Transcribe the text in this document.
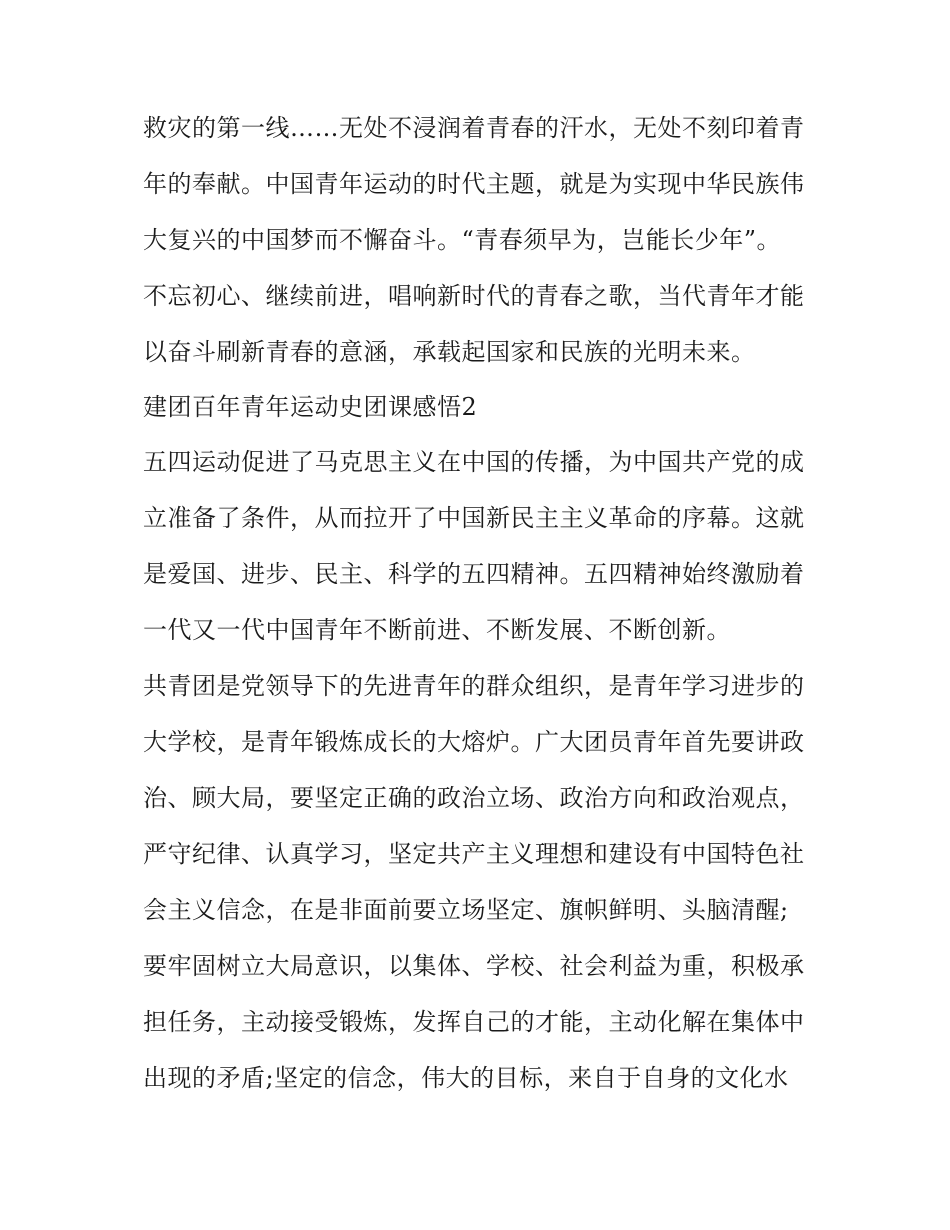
救灾的第一线……无处不浸润着青春的汗水，无处不刻印着青
年的奉献。中国青年运动的时代主题，就是为实现中华民族伟
大复兴的中国梦而不懈奋斗。“青春须早为，岂能长少年”。
不忘初心、继续前进，唱响新时代的青春之歌，当代青年才能
以奋斗刷新青春的意涵，承载起国家和民族的光明未来。
建团百年青年运动史团课感悟2
五四运动促进了马克思主义在中国的传播，为中国共产党的成
立准备了条件，从而拉开了中国新民主主义革命的序幕。这就
是爱国、进步、民主、科学的五四精神。五四精神始终激励着
一代又一代中国青年不断前进、不断发展、不断创新。
共青团是党领导下的先进青年的群众组织，是青年学习进步的
大学校，是青年锻炼成长的大熔炉。广大团员青年首先要讲政
治、顾大局，要坚定正确的政治立场、政治方向和政治观点，
严守纪律、认真学习，坚定共产主义理想和建设有中国特色社
会主义信念，在是非面前要立场坚定、旗帜鲜明、头脑清醒;
要牢固树立大局意识，以集体、学校、社会利益为重，积极承
担任务，主动接受锻炼，发挥自己的才能，主动化解在集体中
出现的矛盾;坚定的信念，伟大的目标，来自于自身的文化水
